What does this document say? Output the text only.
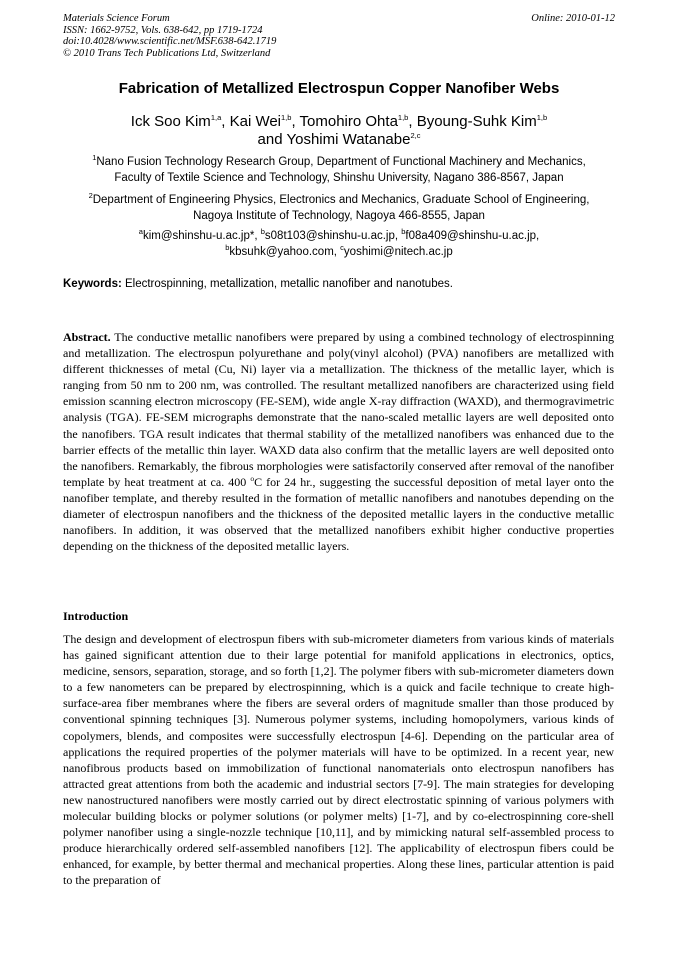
Materials Science Forum
ISSN: 1662-9752, Vols. 638-642, pp 1719-1724
doi:10.4028/www.scientific.net/MSF.638-642.1719
© 2010 Trans Tech Publications Ltd, Switzerland
Online: 2010-01-12
Fabrication of Metallized Electrospun Copper Nanofiber Webs
Ick Soo Kim$^{1,a}$, Kai Wei$^{1,b}$, Tomohiro Ohta$^{1,b}$, Byoung-Suhk Kim$^{1,b}$
and Yoshimi Watanabe$^{2,c}$
$^1$Nano Fusion Technology Research Group, Department of Functional Machinery and Mechanics,
Faculty of Textile Science and Technology, Shinshu University, Nagano 386-8567, Japan
$^2$Department of Engineering Physics, Electronics and Mechanics, Graduate School of Engineering,
Nagoya Institute of Technology, Nagoya 466-8555, Japan
$^a$kim@shinshu-u.ac.jp*, $^b$s08t103@shinshu-u.ac.jp, $^b$f08a409@shinshu-u.ac.jp,
$^b$kbsuhk@yahoo.com, $^c$yoshimi@nitech.ac.jp
Keywords: Electrospinning, metallization, metallic nanofiber and nanotubes.
Abstract. The conductive metallic nanofibers were prepared by using a combined technology of electrospinning and metallization. The electrospun polyurethane and poly(vinyl alcohol) (PVA) nanofibers are metallized with different thicknesses of metal (Cu, Ni) layer via a metallization. The thickness of the metallic layer, which is ranging from 50 nm to 200 nm, was controlled. The resultant metallized nanofibers are characterized using field emission scanning electron microscopy (FE-SEM), wide angle X-ray diffraction (WAXD), and thermogravimetric analysis (TGA). FE-SEM micrographs demonstrate that the nano-scaled metallic layers are well deposited onto the nanofibers. TGA result indicates that thermal stability of the metallized nanofibers was enhanced due to the barrier effects of the metallic thin layer. WAXD data also confirm that the metallic layers are well deposited onto the nanofibers. Remarkably, the fibrous morphologies were satisfactorily conserved after removal of the nanofiber template by heat treatment at ca. 400 $^o$C for 24 hr., suggesting the successful deposition of metal layer onto the nanofiber template, and thereby resulted in the formation of metallic nanofibers and nanotubes depending on the diameter of electrospun nanofibers and the thickness of the deposited metallic layers in the conductive metallic nanofibers. In addition, it was observed that the metallized nanofibers exhibit higher conductive properties depending on the thickness of the deposited metallic layers.
Introduction
The design and development of electrospun fibers with sub-micrometer diameters from various kinds of materials has gained significant attention due to their large potential for manifold applications in electronics, optics, medicine, sensors, separation, storage, and so forth [1,2]. The polymer fibers with sub-micrometer diameters down to a few nanometers can be prepared by electrospinning, which is a quick and facile technique to create high-surface-area fiber membranes where the fibers are several orders of magnitude smaller than those produced by conventional spinning techniques [3]. Numerous polymer systems, including homopolymers, various kinds of copolymers, blends, and composites were successfully electrospun [4-6]. Depending on the particular area of applications the required properties of the polymer materials will have to be optimized. In a recent year, new nanofibrous products based on immobilization of functional nanomaterials onto electrospun nanofibers has attracted great attentions from both the academic and industrial sectors [7-9]. The main strategies for developing new nanostructured nanofibers were mostly carried out by direct electrostatic spinning of various polymers with molecular building blocks or polymer solutions (or polymer melts) [1-7], and by co-electrospinning core-shell polymer nanofiber using a single-nozzle technique [10,11], and by mimicking natural self-assembled process to produce hierarchically ordered self-assembled nanofibers [12]. The applicability of electrospun fibers could be enhanced, for example, by better thermal and mechanical properties. Along these lines, particular attention is paid to the preparation of
